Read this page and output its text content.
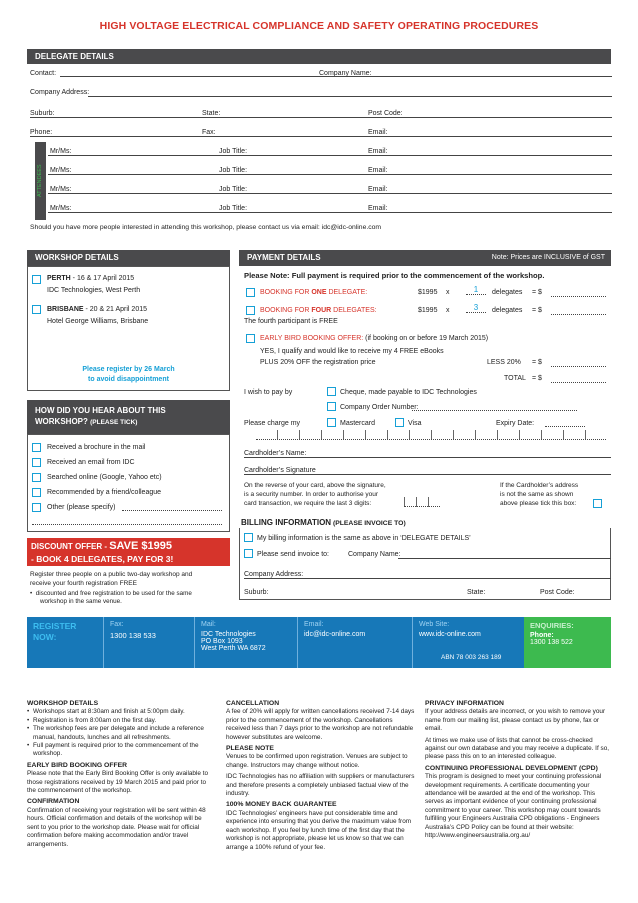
HIGH VOLTAGE ELECTRICAL COMPLIANCE AND SAFETY OPERATING PROCEDURES
DELEGATE DETAILS
Contact:	Company Name:
Company Address:
Suburb:	State:	Post Code:
Phone:	Fax:	Email:
ATTENDEES
Mr/Ms:	Job Title:	Email:
Mr/Ms:	Job Title:	Email:
Mr/Ms:	Job Title:	Email:
Mr/Ms:	Job Title:	Email:
Should you have more people interested in attending this workshop, please contact us via email: idc@idc-online.com
WORKSHOP DETAILS
PERTH - 16 & 17 April 2015
IDC Technologies, West Perth
BRISBANE - 20 & 21 April 2015
Hotel George Williams, Brisbane
Please register by 26 March
to avoid disappointment
HOW DID YOU HEAR ABOUT THIS
WORKSHOP? (PLEASE TICK)
Received a brochure in the mail
Received an email from IDC
Searched online (Google, Yahoo etc)
Recommended by a friend/colleague
Other (please specify)
DISCOUNT OFFER - SAVE $1995
- BOOK 4 DELEGATES, PAY FOR 3!
Register three people on a public two-day workshop and
receive your fourth registration FREE
•  discounted and free registration to be used for the same
workshop in the same venue.
PAYMENT DETAILS	Note: Prices are INCLUSIVE of GST
Please Note: Full payment is required prior to the commencement of the workshop.
BOOKING FOR ONE DELEGATE:	$1995 x	1	delegates = $
BOOKING FOR FOUR DELEGATES:	$1995 x	3	delegates = $
The fourth participant is FREE
EARLY BIRD BOOKING OFFER: (if booking on or before 19 March 2015)
YES, I qualify and would like to receive my 4 FREE eBooks
PLUS 20% OFF the registration price	LESS 20% = $
TOTAL = $
I wish to pay by	Cheque, made payable to IDC Technologies
Company Order Number:
Please charge my	Mastercard	Visa	Expiry Date:
Cardholder’s Name:
Cardholder’s Signature
On the reverse of your card, above the signature,
is a security number. In order to authorise your
card transaction, we require the last 3 digits:
If the Cardholder’s address
is not the same as shown
above please tick this box:
BILLING INFORMATION (PLEASE INVOICE TO)
My billing information is the same as above in ‘DELEGATE DETAILS’
Please send invoice to:	Company Name:
Company Address:
Suburb:	State:	Post Code:
REGISTER NOW:
Fax:
1300 138 533
Mail:
IDC Technologies
PO Box 1093
West Perth WA 6872
Email:
idc@idc-online.com
Web Site:
www.idc-online.com
ABN 78 003 263 189
ENQUIRIES:
Phone:
1300 138 522
WORKSHOP DETAILS
• Workshops start at 8:30am and finish at 5:00pm daily.
• Registration is from 8:00am on the first day.
• The workshop fees are per delegate and include a reference manual, handouts, lunches and all refreshments.
• Full payment is required prior to the commencement of the workshop.
EARLY BIRD BOOKING OFFER

Please note that the Early Bird Booking Offer is only available to those registrations received by 19 March 2015 and paid prior to the commencement of the workshop.

CONFIRMATION

Confirmation of receiving your registration will be sent within 48 hours. Official confirmation and details of the workshop will be sent to you prior to the workshop date. Please wait for official confirmation before making accommodation and/or travel arrangements.

CANCELLATION

A fee of 20% will apply for written cancellations received 7-14 days prior to the commencement of the workshop. Cancellations received less than 7 days prior to the workshop are not refundable however substitutes are welcome.

PLEASE NOTE

Venues to be confirmed upon registration. Venues are subject to change. Instructors may change without notice.

IDC Technologies has no affiliation with suppliers or manufacturers and therefore presents a completely unbiased factual view of the industry.

100% MONEY BACK GUARANTEE

IDC Technologies’ engineers have put considerable time and experience into ensuring that you derive the maximum value from each workshop. If you feel by lunch time of the first day that the workshop is not appropriate, please let us know so that we can arrange a 100% refund of your fee.

PRIVACY INFORMATION

If your address details are incorrect, or you wish to remove your name from our mailing list, please contact us by phone, fax or email.

At times we make use of lists that cannot be cross-checked against our own database and you may receive a duplicate. If so, please pass this on to an interested colleague.

CONTINUING PROFESSIONAL DEVELOPMENT (CPD)

This program is designed to meet your continuing professional development requirements. A certificate documenting your attendance will be awarded at the end of the workshop. This serves as important evidence of your continuing professional commitment to your career. This workshop may count towards fulfilling your Engineers Australia CPD obligations - Engineers Australia’s CPD Policy can be found at their website: http://www.engineersaustralia.org.au/
